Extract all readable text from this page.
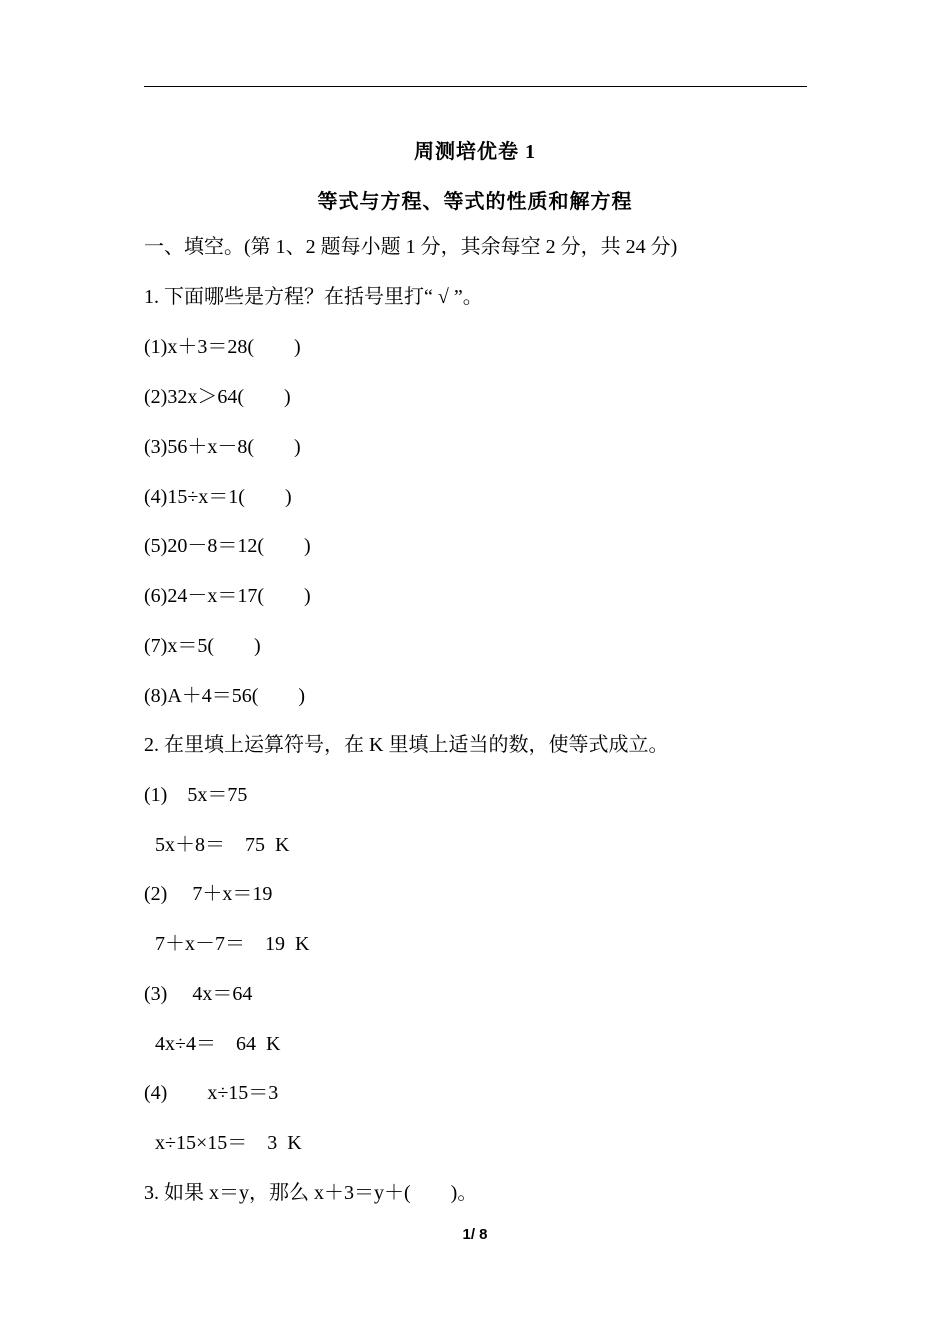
周测培优卷 1
等式与方程、等式的性质和解方程
一、填空。(第 1、2 题每小题 1 分，其余每空 2 分，共 24 分)
1. 下面哪些是方程？在括号里打“ √ ”。
(1)x＋3＝28(        )
(2)32x＞64(        )
(3)56＋x－8(        )
(4)15÷x＝1(        )
(5)20－8＝12(        )
(6)24－x＝17(        )
(7)x＝5(        )
(8)A＋4＝56(        )
2. 在里填上运算符号，在 K 里填上适当的数，使等式成立。
(1)    5x＝75
5x＋8＝    75  K
(2)     7＋x＝19
7＋x－7＝    19  K
(3)     4x＝64
4x÷4＝    64  K
(4)        x÷15＝3
x÷15×15＝    3  K
3. 如果 x＝y，那么 x＋3＝y＋(        )。
1/ 8
